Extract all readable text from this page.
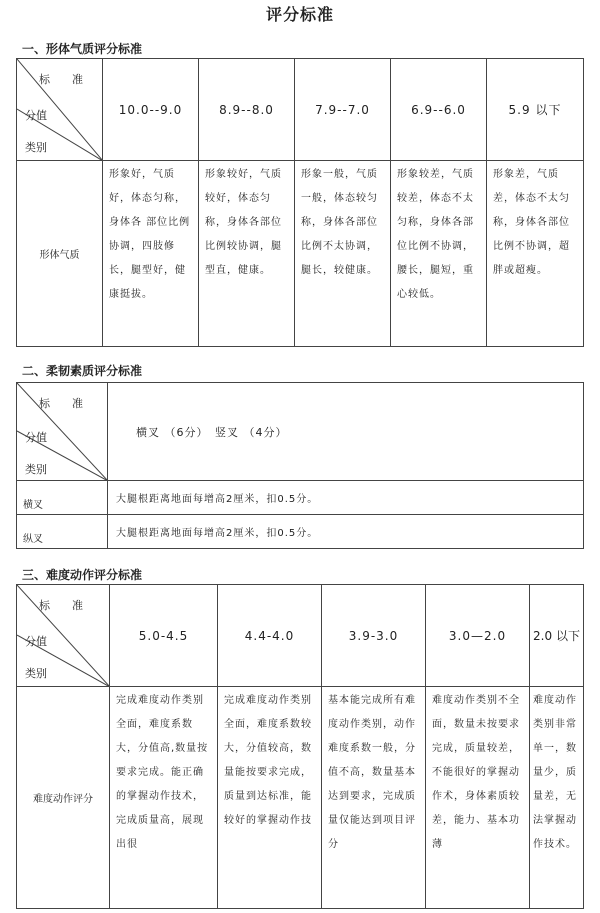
评分标准
一、形体气质评分标准
标　　准
分值
类别	10.0--9.0	8.9--8.0	7.9--7.0	6.9--6.0	5.9 以下
形体气质	形象好，气质好，体态匀称，身体各 部位比例协调，四肢修长，腿型好，健康挺拔。	形象较好，气质较好，体态匀称，身体各部位比例较协调，腿型直，健康。	形象一般，气质一般，体态较匀称，身体各部位比例不太协调，腿长，较健康。	形象较差，气质较差，体态不太匀称，身体各部位比例不协调，腰长，腿短，重心较低。	形象差，气质差，体态不太匀称，身体各部位比例不协调，超胖或超瘦。
二、柔韧素质评分标准
标　　准
分值
类别	横叉 （6分）　竖叉 （4分）
横叉	大腿根距离地面每增高2厘米，扣0.5分。
纵叉	大腿根距离地面每增高2厘米，扣0.5分。
三、难度动作评分标准
标　　准
分值
类别	5.0-4.5	4.4-4.0	3.9-3.0	3.0—2.0	2.0 以下
难度动作评分	完成难度动作类别全面，难度系数大，分值高,数量按要求完成。能正确的掌握动作技术，完成质量高，展现出很	完成难度动作类别全面，难度系数较大，分值较高，数量能按要求完成，质量到达标准，能较好的掌握动作技	基本能完成所有难度动作类别，动作难度系数一般，分值不高，数量基本达到要求，完成质量仅能达到项目评分	难度动作类别不全面，数量未按要求完成，质量较差，不能很好的掌握动作术，身体素质较差，能力、基本功薄	难度动作类别非常单一，数量少，质量差，无法掌握动作技术。
